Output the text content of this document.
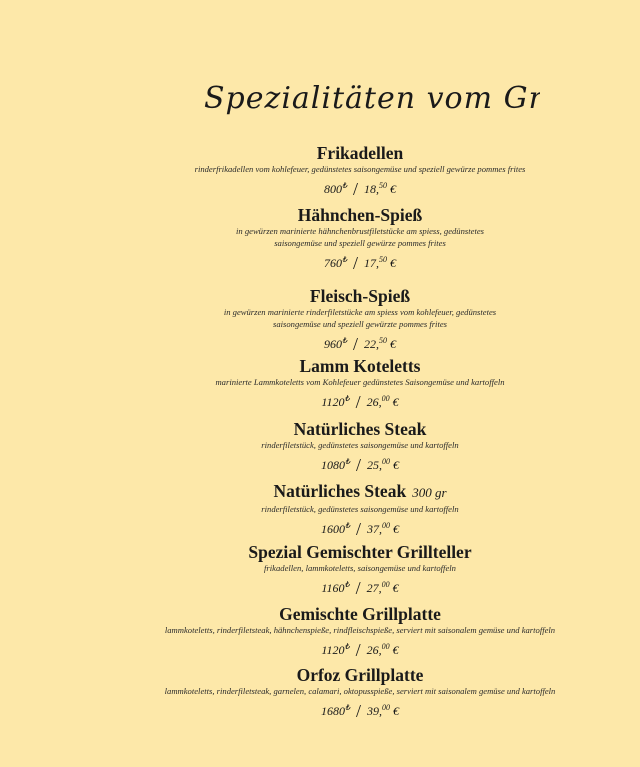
Spezialitäten vom Grill
Frikadellen
rinderfrikadellen vom kohlefeuer, gedünstetes saisongemüse und speziell gewürze pommes frites
800₺ / 18,50 €
Hähnchen-Spieß
in gewürzen marinierte hähnchenbrustfiletstücke am spiess, gedünstetes
saisongemüse und speziell gewürze pommes frites
760₺ / 17,50 €
Fleisch-Spieß
in gewürzen marinierte rinderfiletstücke am spiess vom kohlefeuer, gedünstetes
saisongemüse und speziell gewürzte pommes frites
960₺ / 22,50 €
Lamm Koteletts
marinierte Lammkoteletts vom Kohlefeuer gedünstetes Saisongemüse und kartoffeln
1120₺ / 26,00 €
Natürliches Steak
rinderfiletstück, gedünstetes saisongemüse und kartoffeln
1080₺ / 25,00 €
Natürliches Steak 300 gr
rinderfiletstück, gedünstetes saisongemüse und kartoffeln
1600₺ / 37,00 €
Spezial Gemischter Grillteller
frikadellen, lammkoteletts, saisongemüse und kartoffeln
1160₺ / 27,00 €
Gemischte Grillplatte
lammkoteletts, rinderfiletsteak, hähnchenspieße, rindfleischspieße, serviert mit saisonalem gemüse und kartoffeln
1120₺ / 26,00 €
Orfoz Grillplatte
lammkoteletts, rinderfiletsteak, garnelen, calamari, oktopusspieße, serviert mit saisonalem gemüse und kartoffeln
1680₺ / 39,00 €
